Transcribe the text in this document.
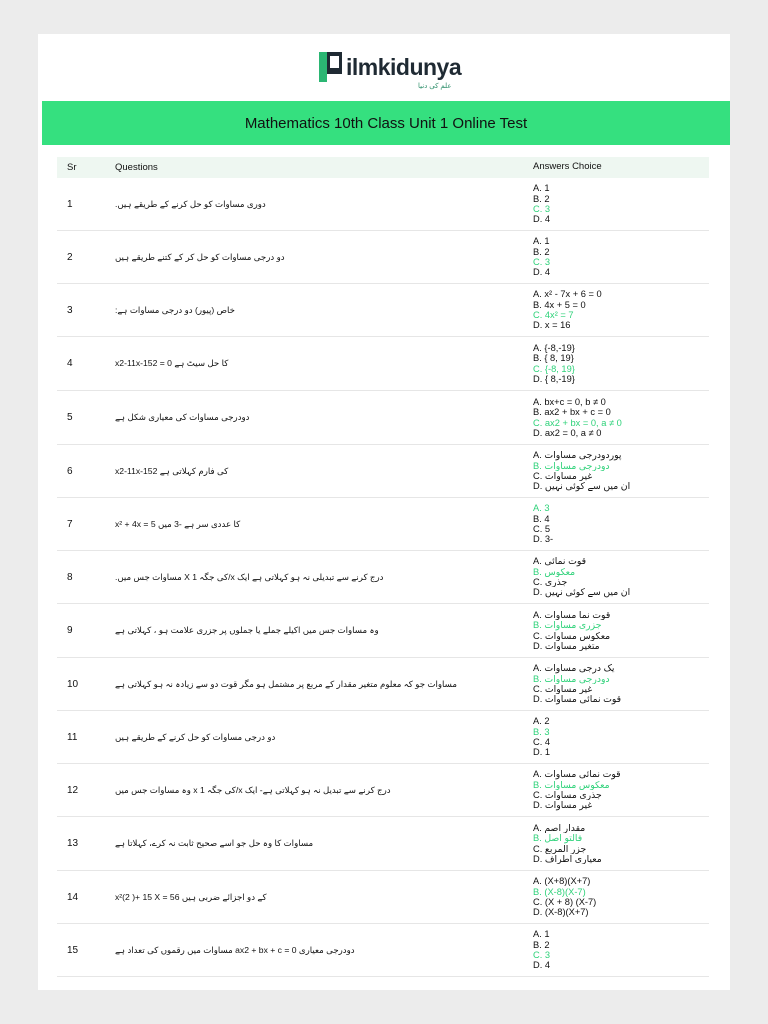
ilmkidunya
علم کی دنیا
Mathematics 10th Class Unit 1 Online Test
Sr	Questions	Answers Choice
1	دوری مساوات کو حل کرنے کے طریقے ہیں.
A. 1
B. 2
C. 3
D. 4
2	دو درجی مساوات کو حل کر کے کتنے طریقے ہیں
A. 1
B. 2
C. 3
D. 4
3	خاص (پیور) دو درجی مساوات ہے:
A. x² - 7x + 6 = 0
B. 4x + 5 = 0
C. 4x² = 7
D. x = 16
4	x2-11x-152 = 0 کا حل سیٹ ہے
A. {-8,-19}
B. { 8, 19}
C. {-8, 19}
D. { 8,-19}
5	دودرجی مساوات کی معیاری شکل ہے
A. bx+c = 0, b ≠ 0
B. ax2 + bx + c = 0
C. ax2 + bx = 0, a ≠ 0
D. ax2 = 0, a ≠ 0
6	x2-11x-152 کی فارم کہلاتی ہے
A. پوردودرجی مساوات
B. دودرجی مساوات
C. غیر مساوات
D. ان میں سے کوئی نہیں
7	x² + 4x = 5 کا عددی سر ہے -3 میں
A. 3
B. 4
C. 5
D. 3-
8	درج کرنے سے تبدیلی نہ ہو کہلاتی ہے ایک x/کی جگہ X 1 مساوات جس میں.
A. قوت نمائی
B. معکوس
C. جذری
D. ان میں سے کوئی نہیں
9	وہ مساوات جس میں اکیلے جملے یا جملوں پر جزری علامت ہو ، کہلاتی ہے
A. قوت نما مساوات
B. جزری مساوات
C. معکوس مساوات
D. متغیر مساوات
10	مساوات جو کہ معلوم متغیر مقدار کے مربع پر مشتمل ہو مگر قوت دو سے زیادہ نہ ہو کہلاتی ہے
A. یک درجی مساوات
B. دودرجی مساوات
C. غیر مساوات
D. قوت نمائی مساوات
11	دو درجی مساوات کو حل کرنے کے طریقے ہیں
A. 2
B. 3
C. 4
D. 1
12	درج کرنے سے تبدیل نہ ہو کہلاتی ہے- ایک x/کی جگہ x 1 وہ مساوات جس میں
A. قوت نمائی مساوات
B. معکوس مساوات
C. جذری مساوات
D. غیر مساوات
13	مساوات کا وہ حل جو اسے صحیح ثابت نہ کرے، کہلاتا ہے
A. مقدار اصم
B. فالتو اصل
C. جزر المربع
D. معیاری اطراف
14	x²(2 )+ 15 X = 56 کے دو اجزائے ضربی ہیں
A. (X+8)(X+7)
B. (X-8)(X-7)
C. (X + 8) (X-7)
D. (X-8)(X+7)
15	دودرجی معیاری ax2 + bx + c = 0 مساوات میں رقموں کی تعداد ہے
A. 1
B. 2
C. 3
D. 4
